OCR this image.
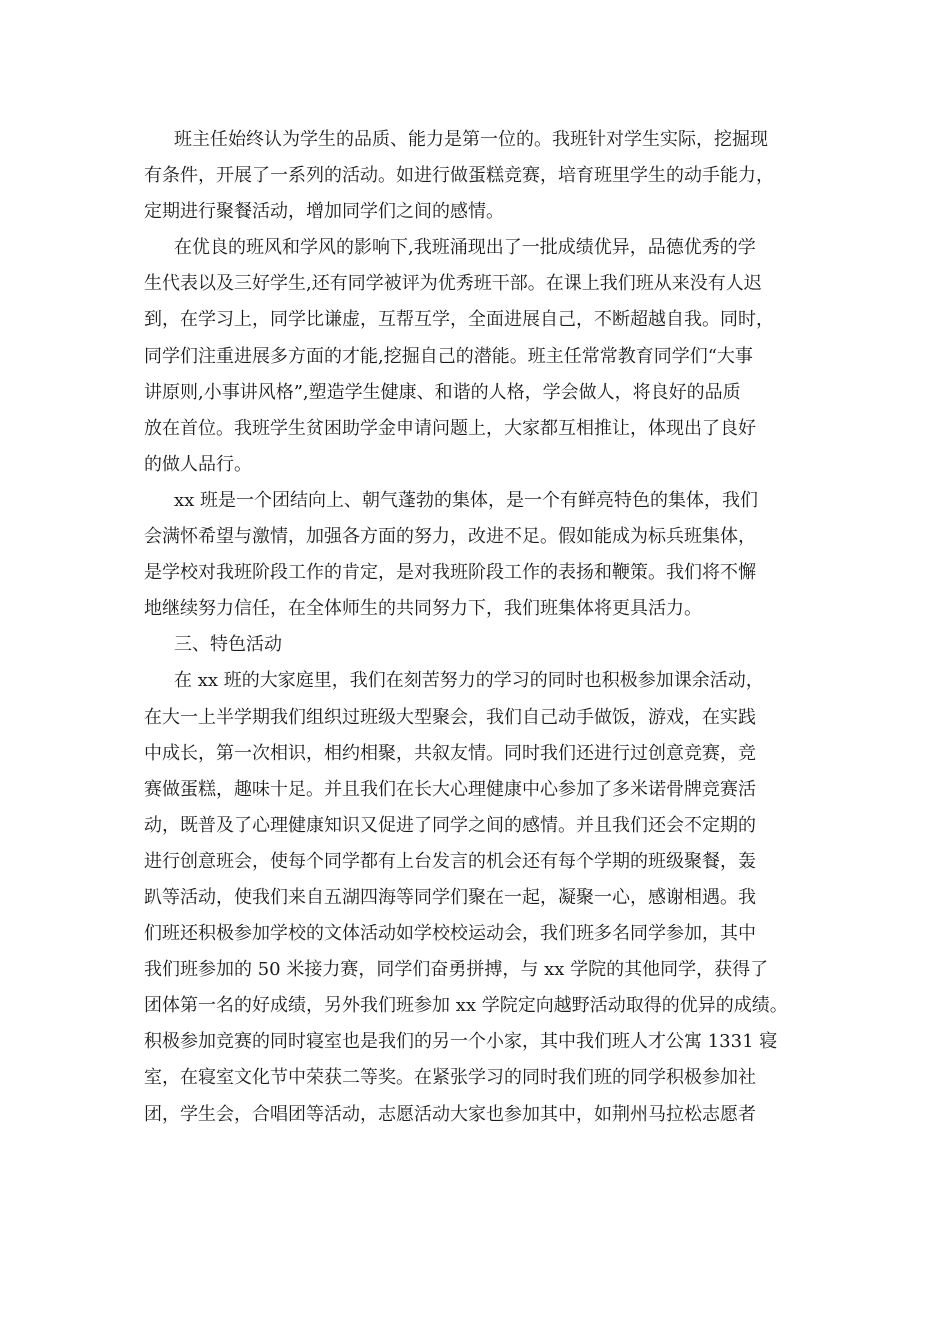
班主任始终认为学生的品质、能力是第一位的。我班针对学生实际，挖掘现
有条件，开展了一系列的活动。如进行做蛋糕竞赛，培育班里学生的动手能力，
定期进行聚餐活动，增加同学们之间的感情。
在优良的班风和学风的影响下,我班涌现出了一批成绩优异，品德优秀的学
生代表以及三好学生,还有同学被评为优秀班干部。在课上我们班从来没有人迟
到，在学习上，同学比谦虚，互帮互学，全面进展自己，不断超越自我。同时，
同学们注重进展多方面的才能,挖掘自己的潜能。班主任常常教育同学们“大事
讲原则,小事讲风格”,塑造学生健康、和谐的人格，学会做人，将良好的品质
放在首位。我班学生贫困助学金申请问题上，大家都互相推让，体现出了良好
的做人品行。
xx 班是一个团结向上、朝气蓬勃的集体，是一个有鲜亮特色的集体，我们
会满怀希望与激情，加强各方面的努力，改进不足。假如能成为标兵班集体，
是学校对我班阶段工作的肯定，是对我班阶段工作的表扬和鞭策。我们将不懈
地继续努力信任，在全体师生的共同努力下，我们班集体将更具活力。
三、特色活动
在 xx 班的大家庭里，我们在刻苦努力的学习的同时也积极参加课余活动，
在大一上半学期我们组织过班级大型聚会，我们自己动手做饭，游戏，在实践
中成长，第一次相识，相约相聚，共叙友情。同时我们还进行过创意竞赛，竞
赛做蛋糕，趣味十足。并且我们在长大心理健康中心参加了多米诺骨牌竞赛活
动，既普及了心理健康知识又促进了同学之间的感情。并且我们还会不定期的
进行创意班会，使每个同学都有上台发言的机会还有每个学期的班级聚餐，轰
趴等活动，使我们来自五湖四海等同学们聚在一起，凝聚一心，感谢相遇。我
们班还积极参加学校的文体活动如学校校运动会，我们班多名同学参加，其中
我们班参加的 50 米接力赛，同学们奋勇拼搏，与 xx 学院的其他同学，获得了
团体第一名的好成绩，另外我们班参加 xx 学院定向越野活动取得的优异的成绩。
积极参加竞赛的同时寝室也是我们的另一个小家，其中我们班人才公寓 1331 寝
室，在寝室文化节中荣获二等奖。在紧张学习的同时我们班的同学积极参加社
团，学生会，合唱团等活动，志愿活动大家也参加其中，如荆州马拉松志愿者
